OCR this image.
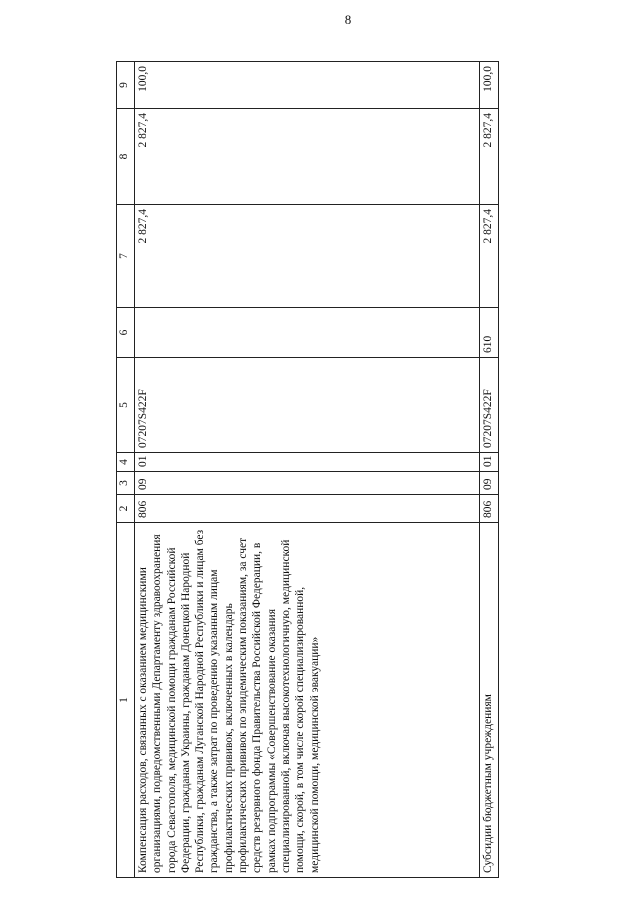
8
1	2	3	4	5	6	7	8	9
Компенсация расходов, связанных с оказанием медицинскими организациями, подведомственными Департаменту здравоохранения города Севастополя, медицинской помощи гражданам Российской Федерации, гражданам Украины, гражданам Донецкой Народной Республики, гражданам Луганской Народной Республики и лицам без гражданства, а также затрат по проведению указанным лицам профилактических прививок, включенных в календарь профилактических прививок по эпидемическим показаниям, за счет средств резервного фонда Правительства Российской Федерации, в рамках подпрограммы «Совершенствование оказания специализированной, включая высокотехнологичную, медицинской помощи, скорой, в том числе скорой специализированной, медицинской помощи, медицинской эвакуации»	806	09	01	07207S422F		2 827,4	2 827,4	100,0
Субсидии бюджетным учреждениям	806	09	01	07207S422F	610	2 827,4	2 827,4	100,0
